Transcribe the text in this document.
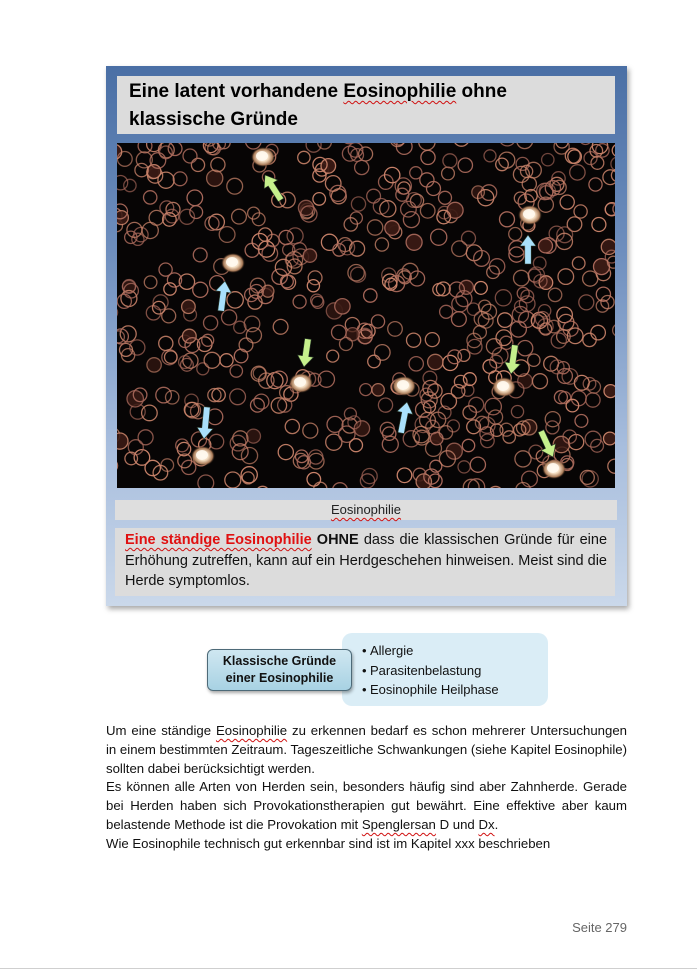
Eine latent vorhandene Eosinophilie ohne klassische Gründe
Eosinophilie
Eine ständige Eosinophilie OHNE dass die klassischen Gründe für eine Erhöhung zutreffen, kann auf ein Herdgeschehen hinweisen. Meist sind die Herde symptomlos.
• Allergie
• Parasitenbelastung
• Eosinophile Heilphase
Klassische Gründe einer Eosinophilie

Um eine ständige Eosinophilie zu erkennen bedarf es schon mehrerer Untersuchungen in einem bestimmten Zeitraum. Tageszeitliche Schwankungen (siehe Kapitel Eosinophile) sollten dabei berücksichtigt werden.

Es können alle Arten von Herden sein, besonders häufig sind aber Zahnherde. Gerade bei Herden haben sich Provokationstherapien gut bewährt. Eine effektive aber kaum belastende Methode ist die Provokation mit Spenglersan D und Dx.

Wie Eosinophile technisch gut erkennbar sind ist im Kapitel xxx beschrieben

Seite 279
